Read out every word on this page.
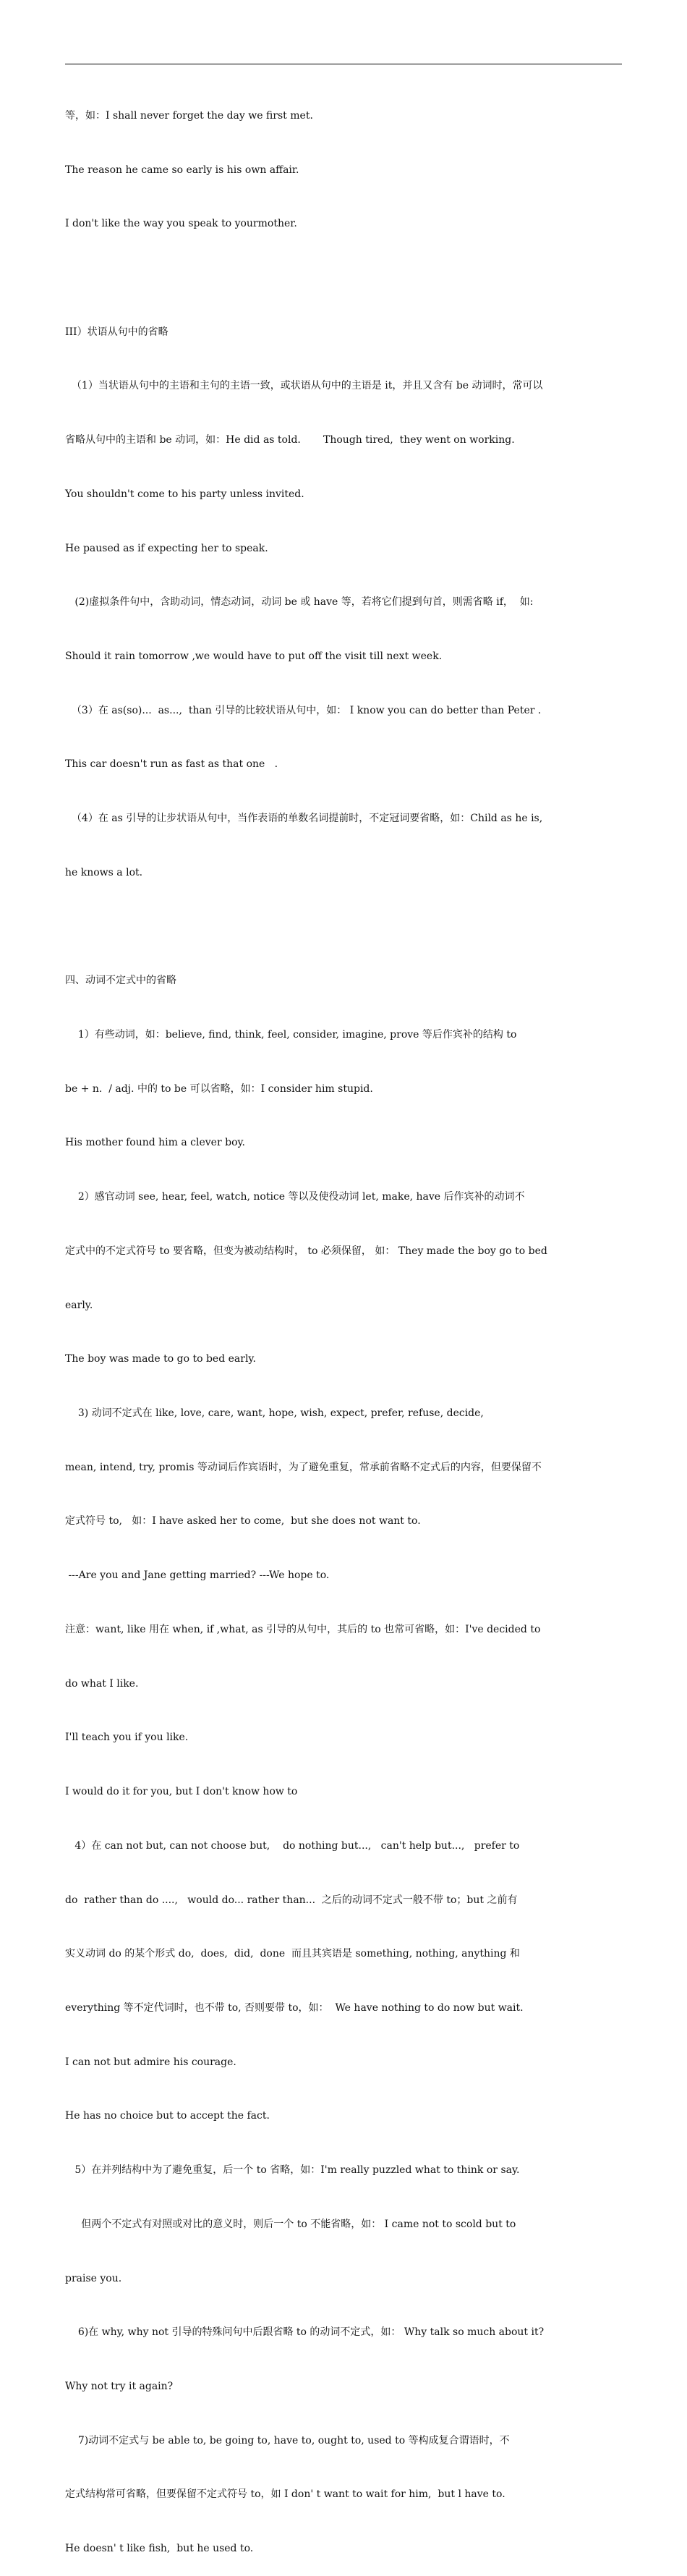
等，如：I shall never forget the day we first met.

The reason he came so early is his own affair.

I don't like the way you speak to yourmother.

III）状语从句中的省略

（1）当状语从句中的主语和主句的主语一致，或状语从句中的主语是 it，并且又含有 be 动词时，常可以

省略从句中的主语和 be 动词，如：He did as told.       Though tired,  they went on working.

You shouldn't come to his party unless invited.

He paused as if expecting her to speak.

(2)虚拟条件句中，含助动词，情态动词，动词 be 或 have 等，若将它们提到句首，则需省略 if，  如:

Should it rain tomorrow ,we would have to put off the visit till next week.

（3）在 as(so)...  as...,  than 引导的比较状语从句中，如： I know you can do better than Peter .

This car doesn't run as fast as that one   .

（4）在 as 引导的让步状语从句中，当作表语的单数名词提前时，不定冠词要省略，如：Child as he is,

he knows a lot.

四、动词不定式中的省略

1）有些动词，如：believe, find, think, feel, consider, imagine, prove 等后作宾补的结构 to

be + n.  / adj. 中的 to be 可以省略，如：I consider him stupid.

His mother found him a clever boy.

2）感官动词 see, hear, feel, watch, notice 等以及使役动词 let, make, have 后作宾补的动词不

定式中的不定式符号 to 要省略，但变为被动结构时， to 必须保留， 如： They made the boy go to bed

early.

The boy was made to go to bed early.

3) 动词不定式在 like, love, care, want, hope, wish, expect, prefer, refuse, decide,

mean, intend, try, promis 等动词后作宾语时，为了避免重复，常承前省略不定式后的内容，但要保留不

定式符号 to,   如：I have asked her to come,  but she does not want to.

---Are you and Jane getting married? ---We hope to.

注意：want, like 用在 when, if ,what, as 引导的从句中，其后的 to 也常可省略，如：I've decided to

do what I like.

I'll teach you if you like.

I would do it for you, but I don't know how to

4）在 can not but, can not choose but,    do nothing but...,   can't help but...,   prefer to

do  rather than do ....,   would do... rather than...  之后的动词不定式一般不带 to；but 之前有

实义动词 do 的某个形式 do,  does,  did,  done  而且其宾语是 something, nothing, anything 和

everything 等不定代词时，也不带 to, 否则要带 to，如：  We have nothing to do now but wait.

I can not but admire his courage.

He has no choice but to accept the fact.

5）在并列结构中为了避免重复，后一个 to 省略，如：I'm really puzzled what to think or say.

但两个不定式有对照或对比的意义时，则后一个 to 不能省略，如： I came not to scold but to

praise you.

6)在 why, why not 引导的特殊问句中后跟省略 to 的动词不定式，如： Why talk so much about it?

Why not try it again?

7)动词不定式与 be able to, be going to, have to, ought to, used to 等构成复合谓语时，不

定式结构常可省略，但要保留不定式符号 to，如 I don' t want to wait for him,  but l have to.

He doesn' t like fish,  but he used to.
